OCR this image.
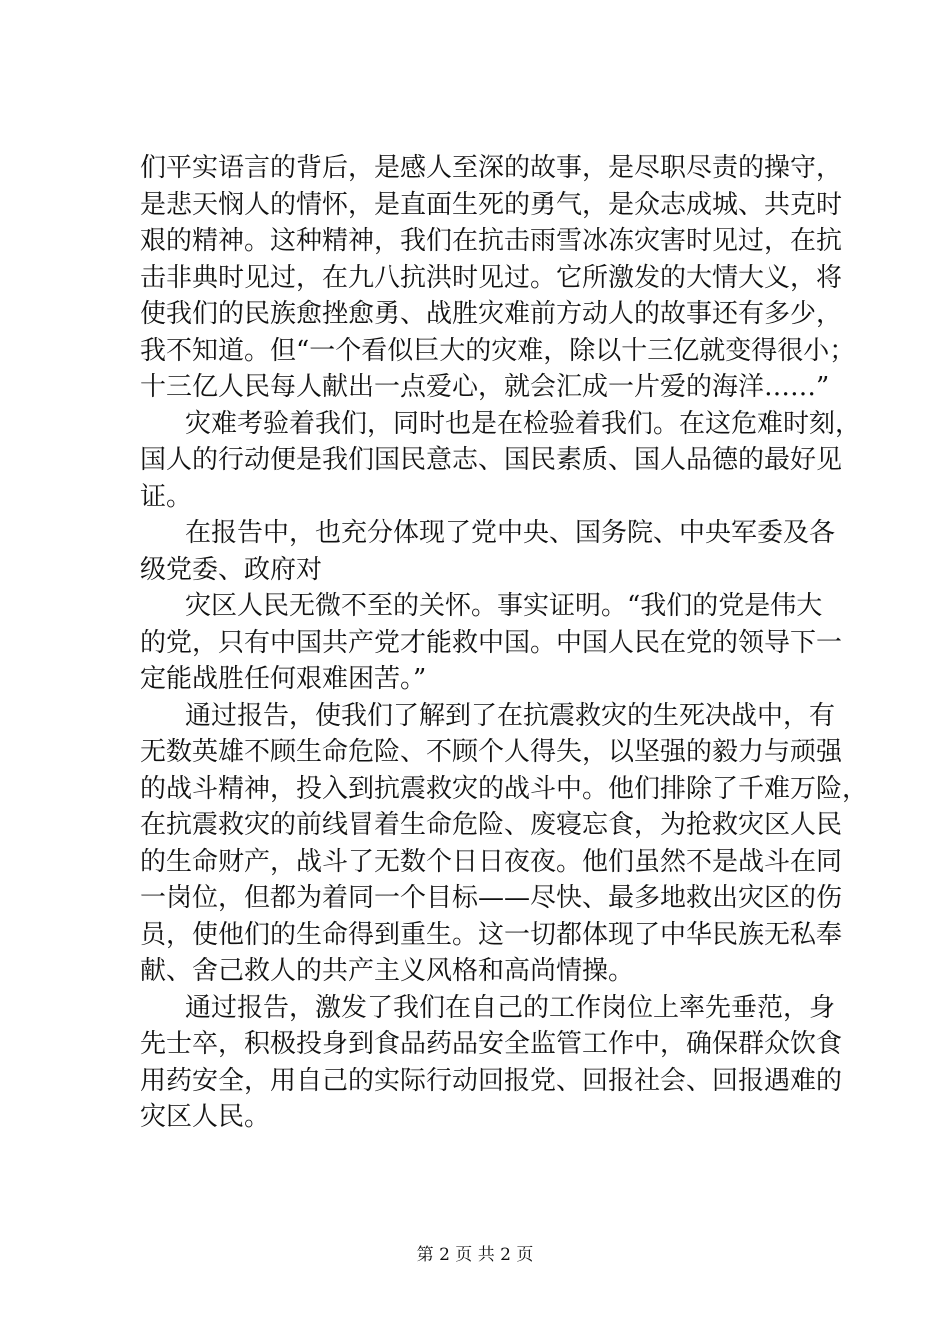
们平实语言的背后，是感人至深的故事，是尽职尽责的操守，
是悲天悯人的情怀，是直面生死的勇气，是众志成城、共克时
艰的精神。这种精神，我们在抗击雨雪冰冻灾害时见过，在抗
击非典时见过，在九八抗洪时见过。它所激发的大情大义，将
使我们的民族愈挫愈勇、战胜灾难前方动人的故事还有多少，
我不知道。但“一个看似巨大的灾难，除以十三亿就变得很小；
十三亿人民每人献出一点爱心，就会汇成一片爱的海洋……”
灾难考验着我们，同时也是在检验着我们。在这危难时刻，
国人的行动便是我们国民意志、国民素质、国人品德的最好见
证。
在报告中，也充分体现了党中央、国务院、中央军委及各
级党委、政府对
灾区人民无微不至的关怀。事实证明。“我们的党是伟大
的党，只有中国共产党才能救中国。中国人民在党的领导下一
定能战胜任何艰难困苦。”
通过报告，使我们了解到了在抗震救灾的生死决战中，有
无数英雄不顾生命危险、不顾个人得失，以坚强的毅力与顽强
的战斗精神，投入到抗震救灾的战斗中。他们排除了千难万险，
在抗震救灾的前线冒着生命危险、废寝忘食，为抢救灾区人民
的生命财产，战斗了无数个日日夜夜。他们虽然不是战斗在同
一岗位，但都为着同一个目标——尽快、最多地救出灾区的伤
员，使他们的生命得到重生。这一切都体现了中华民族无私奉
献、舍己救人的共产主义风格和高尚情操。
通过报告，激发了我们在自己的工作岗位上率先垂范，身
先士卒，积极投身到食品药品安全监管工作中，确保群众饮食
用药安全，用自己的实际行动回报党、回报社会、回报遇难的
灾区人民。
第 2 页 共 2 页
